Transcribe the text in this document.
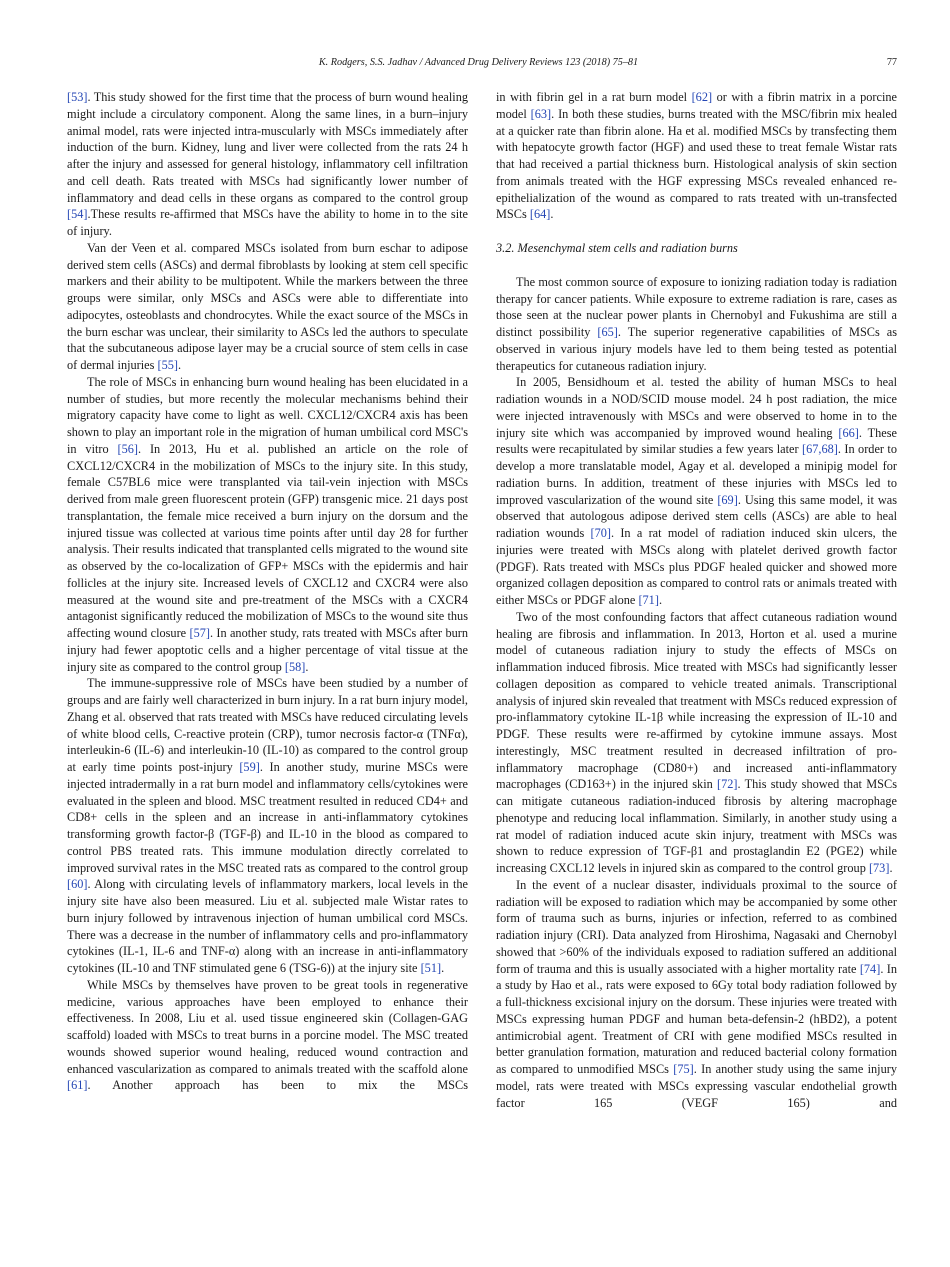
K. Rodgers, S.S. Jadhav / Advanced Drug Delivery Reviews 123 (2018) 75–81	77

[53]. This study showed for the first time that the process of burn wound healing might include a circulatory component. Along the same lines, in a burn–injury animal model, rats were injected intra-muscularly with MSCs immediately after induction of the burn. Kidney, lung and liver were collected from the rats 24 h after the injury and assessed for general histology, inflammatory cell infiltration and cell death. Rats treated with MSCs had significantly lower number of inflammatory and dead cells in these organs as compared to the control group [54].These results re-affirmed that MSCs have the ability to home in to the site of injury.

Van der Veen et al. compared MSCs isolated from burn eschar to adipose derived stem cells (ASCs) and dermal fibroblasts by looking at stem cell specific markers and their ability to be multipotent. While the markers between the three groups were similar, only MSCs and ASCs were able to differentiate into adipocytes, osteoblasts and chondrocytes. While the exact source of the MSCs in the burn eschar was unclear, their similarity to ASCs led the authors to speculate that the subcutaneous adipose layer may be a crucial source of stem cells in case of dermal injuries [55].

The role of MSCs in enhancing burn wound healing has been elucidated in a number of studies, but more recently the molecular mechanisms behind their migratory capacity have come to light as well. CXCL12/CXCR4 axis has been shown to play an important role in the migration of human umbilical cord MSC's in vitro [56]. In 2013, Hu et al. published an article on the role of CXCL12/CXCR4 in the mobilization of MSCs to the injury site. In this study, female C57BL6 mice were transplanted via tail-vein injection with MSCs derived from male green fluorescent protein (GFP) transgenic mice. 21 days post transplantation, the female mice received a burn injury on the dorsum and the injured tissue was collected at various time points after until day 28 for further analysis. Their results indicated that transplanted cells migrated to the wound site as observed by the co-localization of GFP+ MSCs with the epidermis and hair follicles at the injury site. Increased levels of CXCL12 and CXCR4 were also measured at the wound site and pre-treatment of the MSCs with a CXCR4 antagonist significantly reduced the mobilization of MSCs to the wound site thus affecting wound closure [57]. In another study, rats treated with MSCs after burn injury had fewer apoptotic cells and a higher percentage of vital tissue at the injury site as compared to the control group [58].

The immune-suppressive role of MSCs have been studied by a number of groups and are fairly well characterized in burn injury. In a rat burn injury model, Zhang et al. observed that rats treated with MSCs have reduced circulating levels of white blood cells, C-reactive protein (CRP), tumor necrosis factor-α (TNFα), interleukin-6 (IL-6) and interleukin-10 (IL-10) as compared to the control group at early time points post-injury [59]. In another study, murine MSCs were injected intradermally in a rat burn model and inflammatory cells/cytokines were evaluated in the spleen and blood. MSC treatment resulted in reduced CD4+ and CD8+ cells in the spleen and an increase in anti-inflammatory cytokines transforming growth factor-β (TGF-β) and IL-10 in the blood as compared to control PBS treated rats. This immune modulation directly correlated to improved survival rates in the MSC treated rats as compared to the control group [60]. Along with circulating levels of inflammatory markers, local levels in the injury site have also been measured. Liu et al. subjected male Wistar rates to burn injury followed by intravenous injection of human umbilical cord MSCs. There was a decrease in the number of inflammatory cells and pro-inflammatory cytokines (IL-1, IL-6 and TNF-α) along with an increase in anti-inflammatory cytokines (IL-10 and TNF stimulated gene 6 (TSG-6)) at the injury site [51].

While MSCs by themselves have proven to be great tools in regenerative medicine, various approaches have been employed to enhance their effectiveness. In 2008, Liu et al. used tissue engineered skin (Collagen-GAG scaffold) loaded with MSCs to treat burns in a porcine model. The MSC treated wounds showed superior wound healing, reduced wound contraction and enhanced vascularization as compared to animals treated with the scaffold alone [61]. Another approach has been to mix the MSCs

in with fibrin gel in a rat burn model [62] or with a fibrin matrix in a porcine model [63]. In both these studies, burns treated with the MSC/fibrin mix healed at a quicker rate than fibrin alone. Ha et al. modified MSCs by transfecting them with hepatocyte growth factor (HGF) and used these to treat female Wistar rats that had received a partial thickness burn. Histological analysis of skin section from animals treated with the HGF expressing MSCs revealed enhanced re-epithelialization of the wound as compared to rats treated with un-transfected MSCs [64].

3.2. Mesenchymal stem cells and radiation burns

The most common source of exposure to ionizing radiation today is radiation therapy for cancer patients. While exposure to extreme radiation is rare, cases as those seen at the nuclear power plants in Chernobyl and Fukushima are still a distinct possibility [65]. The superior regenerative capabilities of MSCs as observed in various injury models have led to them being tested as potential therapeutics for cutaneous radiation injury.

In 2005, Bensidhoum et al. tested the ability of human MSCs to heal radiation wounds in a NOD/SCID mouse model. 24 h post radiation, the mice were injected intravenously with MSCs and were observed to home in to the injury site which was accompanied by improved wound healing [66]. These results were recapitulated by similar studies a few years later [67,68]. In order to develop a more translatable model, Agay et al. developed a minipig model for radiation burns. In addition, treatment of these injuries with MSCs led to improved vascularization of the wound site [69]. Using this same model, it was observed that autologous adipose derived stem cells (ASCs) are able to heal radiation wounds [70]. In a rat model of radiation induced skin ulcers, the injuries were treated with MSCs along with platelet derived growth factor (PDGF). Rats treated with MSCs plus PDGF healed quicker and showed more organized collagen deposition as compared to control rats or animals treated with either MSCs or PDGF alone [71].

Two of the most confounding factors that affect cutaneous radiation wound healing are fibrosis and inflammation. In 2013, Horton et al. used a murine model of cutaneous radiation injury to study the effects of MSCs on inflammation induced fibrosis. Mice treated with MSCs had significantly lesser collagen deposition as compared to vehicle treated animals. Transcriptional analysis of injured skin revealed that treatment with MSCs reduced expression of pro-inflammatory cytokine IL-1β while increasing the expression of IL-10 and PDGF. These results were re-affirmed by cytokine immune assays. Most interestingly, MSC treatment resulted in decreased infiltration of pro-inflammatory macrophage (CD80+) and increased anti-inflammatory macrophages (CD163+) in the injured skin [72]. This study showed that MSCs can mitigate cutaneous radiation-induced fibrosis by altering macrophage phenotype and reducing local inflammation. Similarly, in another study using a rat model of radiation induced acute skin injury, treatment with MSCs was shown to reduce expression of TGF-β1 and prostaglandin E2 (PGE2) while increasing CXCL12 levels in injured skin as compared to the control group [73].

In the event of a nuclear disaster, individuals proximal to the source of radiation will be exposed to radiation which may be accompanied by some other form of trauma such as burns, injuries or infection, referred to as combined radiation injury (CRI). Data analyzed from Hiroshima, Nagasaki and Chernobyl showed that >60% of the individuals exposed to radiation suffered an additional form of trauma and this is usually associated with a higher mortality rate [74]. In a study by Hao et al., rats were exposed to 6Gy total body radiation followed by a full-thickness excisional injury on the dorsum. These injuries were treated with MSCs expressing human PDGF and human beta-defensin-2 (hBD2), a potent antimicrobial agent. Treatment of CRI with gene modified MSCs resulted in better granulation formation, maturation and reduced bacterial colony formation as compared to unmodified MSCs [75]. In another study using the same injury model, rats were treated with MSCs expressing vascular endothelial growth factor 165 (VEGF 165) and
